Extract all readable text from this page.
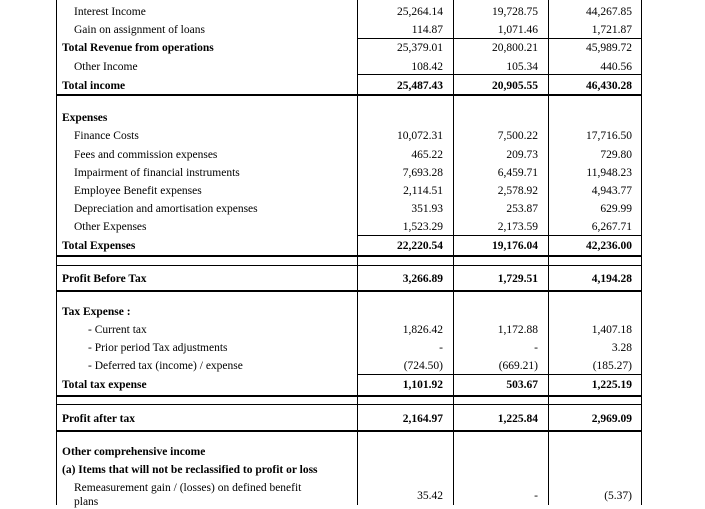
Interest Income	25,264.14	19,728.75	44,267.85
Gain on assignment of loans	114.87	1,071.46	1,721.87
Total Revenue from operations	25,379.01	20,800.21	45,989.72
Other Income	108.42	105.34	440.56
Total income	25,487.43	20,905.55	46,430.28
Expenses
Finance Costs	10,072.31	7,500.22	17,716.50
Fees and commission expenses	465.22	209.73	729.80
Impairment of financial instruments	7,693.28	6,459.71	11,948.23
Employee Benefit expenses	2,114.51	2,578.92	4,943.77
Depreciation and amortisation expenses	351.93	253.87	629.99
Other Expenses	1,523.29	2,173.59	6,267.71
Total Expenses	22,220.54	19,176.04	42,236.00
Profit Before Tax	3,266.89	1,729.51	4,194.28
Tax Expense :
- Current tax	1,826.42	1,172.88	1,407.18
- Prior period Tax adjustments	-	-	3.28
- Deferred tax (income) / expense	(724.50)	(669.21)	(185.27)
Total tax expense	1,101.92	503.67	1,225.19
Profit after tax	2,164.97	1,225.84	2,969.09
Other comprehensive income
(a) Items that will not be reclassified to profit or loss
Remeasurement gain / (losses) on defined benefit
plans	35.42	-	(5.37)
